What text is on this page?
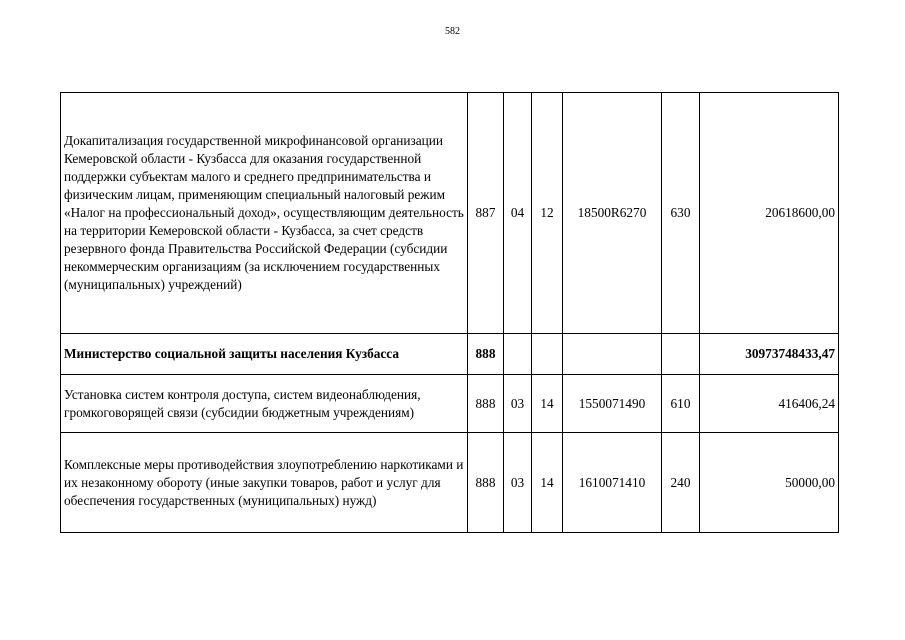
582
Докапитализация государственной микрофинансовой организации Кемеровской области - Кузбасса для оказания государственной поддержки субъектам малого и среднего предпринимательства и физическим лицам, применяющим специальный налоговый режим «Налог на профессиональный доход», осуществляющим деятельность на территории Кемеровской области - Кузбасса, за счет средств резервного фонда Правительства Российской Федерации (субсидии некоммерческим организациям (за исключением государственных (муниципальных) учреждений)	887	04	12	18500R6270	630	20618600,00
Министерство социальной защиты населения Кузбасса	888					30973748433,47
Установка систем контроля доступа, систем видеонаблюдения, громкоговорящей связи (субсидии бюджетным учреждениям)	888	03	14	1550071490	610	416406,24
Комплексные меры противодействия злоупотреблению наркотиками и их незаконному обороту (иные закупки товаров, работ и услуг для обеспечения государственных (муниципальных) нужд)	888	03	14	1610071410	240	50000,00
